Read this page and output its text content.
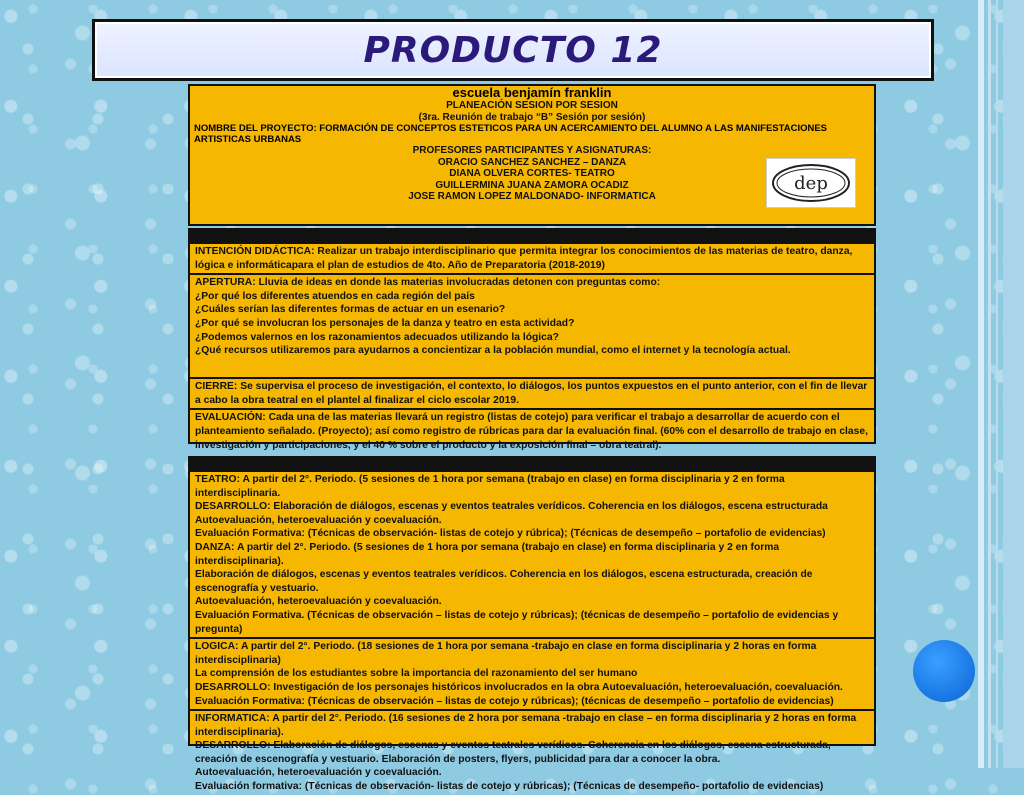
PRODUCTO 12
escuela benjamín franklin
PLANEACIÓN SESION POR SESION
(3ra. Reunión de trabajo “B” Sesión por sesión)
NOMBRE DEL PROYECTO: FORMACIÓN DE CONCEPTOS ESTETICOS PARA UN ACERCAMIENTO DEL ALUMNO A LAS MANIFESTACIONES ARTISTICAS URBANAS
PROFESORES PARTICIPANTES Y ASIGNATURAS:
ORACIO SANCHEZ SANCHEZ – DANZA
DIANA OLVERA CORTES- TEATRO
GUILLERMINA JUANA ZAMORA OCADIZ
JOSE RAMON LOPEZ MALDONADO- INFORMATICA
dep

INTENCIÓN DIDÁCTICA: Realizar un trabajo interdisciplinario que permita integrar los conocimientos de las materias de teatro, danza, lógica e informáticapara el plan de estudios de 4to. Año de Preparatoria (2018-2019)

APERTURA: Lluvia de ideas en donde las materias involucradas detonen con preguntas como:

¿Por qué los diferentes atuendos en cada región del país

¿Cuáles serían las diferentes formas de actuar en un esenario?

¿Por qué se involucran los personajes de la danza y teatro en esta actividad?

¿Podemos valernos en los razonamientos adecuados utilizando la lógica?

¿Qué recursos utilizaremos para ayudarnos a concientizar a la población mundial, como el internet y la tecnología actual.

CIERRE: Se supervisa el proceso de investigación, el contexto, lo diálogos, los puntos expuestos en el punto anterior, con el fin de llevar a cabo la obra teatral en el plantel al finalizar el ciclo escolar 2019.

EVALUACIÓN: Cada una de las materias llevará un registro (listas de cotejo) para verificar el trabajo a desarrollar de acuerdo con el planteamiento señalado. (Proyecto); así como registro de rúbricas para dar la evaluación final. (60% con el desarrollo de trabajo en clase, investigación y participaciones, y el 40 % sobre el producto y la exposición final – obra teatral).

TEATRO: A partir del 2°. Periodo. (5 sesiones de 1 hora por semana (trabajo en clase) en forma disciplinaria y 2 en forma interdisciplinaria.

DESARROLLO: Elaboración de diálogos, escenas y eventos teatrales verídicos. Coherencia en los diálogos, escena estructurada

Autoevaluación, heteroevaluación y coevaluación.

Evaluación Formativa: (Técnicas de observación- listas de cotejo y rúbrica); (Técnicas de desempeño – portafolio de evidencias)

DANZA: A partir del 2°. Periodo. (5 sesiones de 1 hora por semana (trabajo en clase) en forma disciplinaria y 2 en forma interdisciplinaria).

Elaboración de diálogos, escenas y eventos teatrales verídicos. Coherencia en los diálogos, escena estructurada, creación de escenografía y vestuario.

Autoevaluación, heteroevaluación y coevaluación.

Evaluación Formativa. (Técnicas de observación – listas de cotejo y rúbricas); (técnicas de desempeño – portafolio de evidencias y pregunta)

LOGICA: A partir del 2°. Periodo. (18 sesiones de 1 hora por semana -trabajo en clase en forma disciplinaria y 2 horas en forma interdisciplinaria)

La comprensión de los estudiantes sobre la importancia del razonamiento del ser humano

DESARROLLO: Investigación de los personajes históricos involucrados en la obra Autoevaluación, heteroevaluación, coevaluación.

Evaluación Formativa: (Técnicas de observación – listas de cotejo y rúbricas); (técnicas de desempeño – portafolio de evidencias)

INFORMATICA: A partir del 2°. Periodo. (16 sesiones de 2 hora por semana -trabajo en clase – en forma disciplinaria y 2 horas en forma interdisciplinaria).

DESARROLLO: Elaboración de diálogos, escenas y eventos teatrales verídicos. Coherencia en los diálogos, escena estructurada, creación de escenografía y vestuario. Elaboración de posters, flyers, publicidad para dar a conocer la obra.

Autoevaluación, heteroevaluación y coevaluación.

Evaluación formativa: (Técnicas de observación- listas de cotejo y rúbricas); (Técnicas de desempeño- portafolio de evidencias)
